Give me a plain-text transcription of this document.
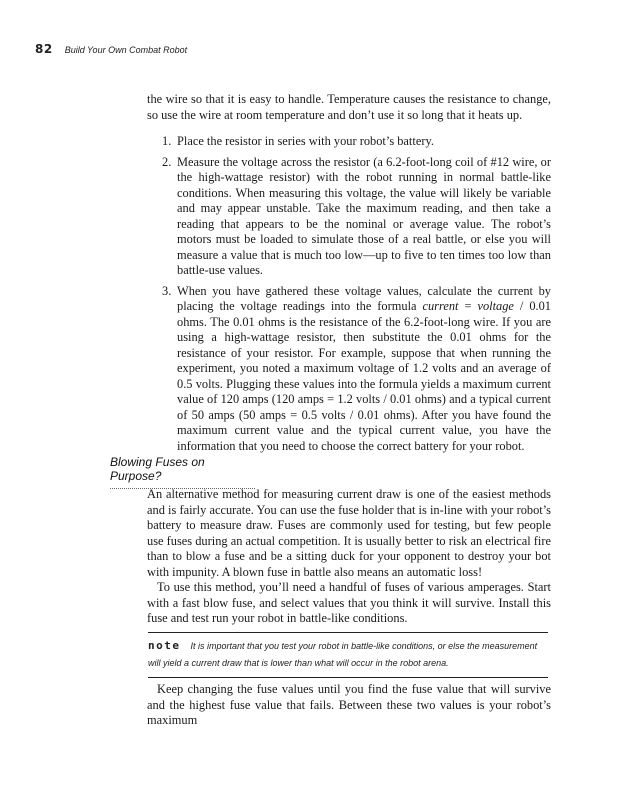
82 Build Your Own Combat Robot

the wire so that it is easy to handle. Temperature causes the resistance to change, so use the wire at room temperature and don’t use it so long that it heats up.

1. Place the resistor in series with your robot’s battery.
2. Measure the voltage across the resistor (a 6.2-foot-long coil of #12 wire, or the high-wattage resistor) with the robot running in normal battle-like conditions. When measuring this voltage, the value will likely be variable and may appear unstable. Take the maximum reading, and then take a reading that appears to be the nominal or average value. The robot’s motors must be loaded to simulate those of a real battle, or else you will measure a value that is much too low—up to five to ten times too low than battle-use values.
3. When you have gathered these voltage values, calculate the current by placing the voltage readings into the formula current = voltage / 0.01 ohms. The 0.01 ohms is the resistance of the 6.2-foot-long wire. If you are using a high-wattage resistor, then substitute the 0.01 ohms for the resistance of your resistor. For example, suppose that when running the experiment, you noted a maximum voltage of 1.2 volts and an average of 0.5 volts. Plugging these values into the formula yields a maximum current value of 120 amps (120 amps = 1.2 volts / 0.01 ohms) and a typical current of 50 amps (50 amps = 0.5 volts / 0.01 ohms). After you have found the maximum current value and the typical current value, you have the information that you need to choose the correct battery for your robot.
Blowing Fuses on Purpose?

An alternative method for measuring current draw is one of the easiest methods and is fairly accurate. You can use the fuse holder that is in-line with your robot’s battery to measure draw. Fuses are commonly used for testing, but few people use fuses during an actual competition. It is usually better to risk an electrical fire than to blow a fuse and be a sitting duck for your opponent to destroy your bot with impunity. A blown fuse in battle also means an automatic loss!

To use this method, you’ll need a handful of fuses of various amperages. Start with a fast blow fuse, and select values that you think it will survive. Install this fuse and test run your robot in battle-like conditions.

note It is important that you test your robot in battle-like conditions, or else the measurement will yield a current draw that is lower than what will occur in the robot arena.

Keep changing the fuse values until you find the fuse value that will survive and the highest fuse value that fails. Between these two values is your robot’s maximum
